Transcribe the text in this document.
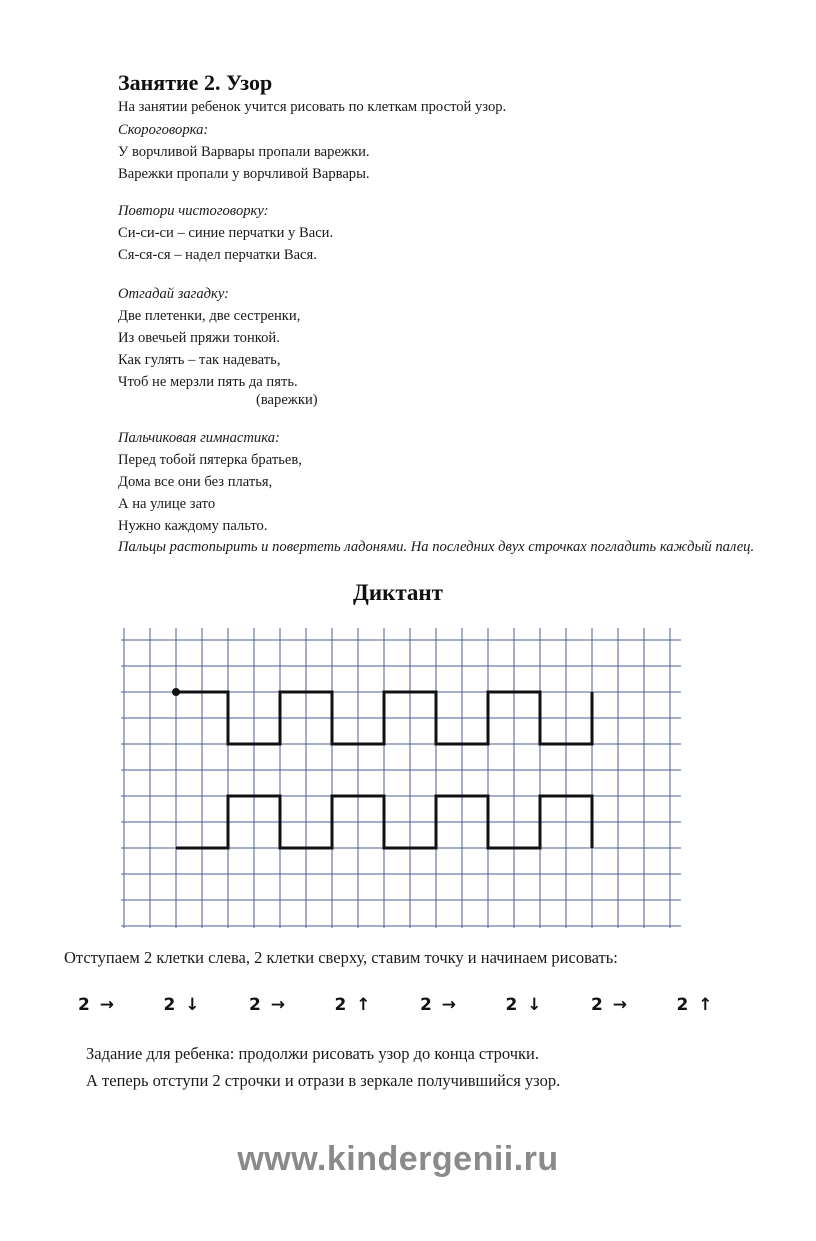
Занятие 2. Узор
На занятии ребенок учится рисовать по клеткам простой узор.
Скороговорка:
У ворчливой Варвары пропали варежки.
Варежки пропали у ворчливой Варвары.
Повтори чистоговорку:
Си-си-си – синие перчатки у Васи.
Ся-ся-ся – надел перчатки Вася.
Отгадай загадку:
Две плетенки, две сестренки,
Из овечьей пряжи тонкой.
Как гулять – так надевать,
Чтоб не мерзли пять да пять.
(варежки)
Пальчиковая гимнастика:
Перед тобой пятерка братьев,
Дома все они без платья,
А на улице зато
Нужно каждому пальто.
Пальцы растопырить и повертеть ладонями. На последних двух строчках погладить каждый палец.
Диктант
Отступаем 2 клетки слева, 2 клетки сверху, ставим точку и начинаем рисовать:
2 →	2 ↓	2 →	2 ↑	2 →	2 ↓	2 →	2 ↑
Задание для ребенка: продолжи рисовать узор до конца строчки.
А теперь отступи 2 строчки и отрази в зеркале получившийся узор.
www.kindergenii.ru
